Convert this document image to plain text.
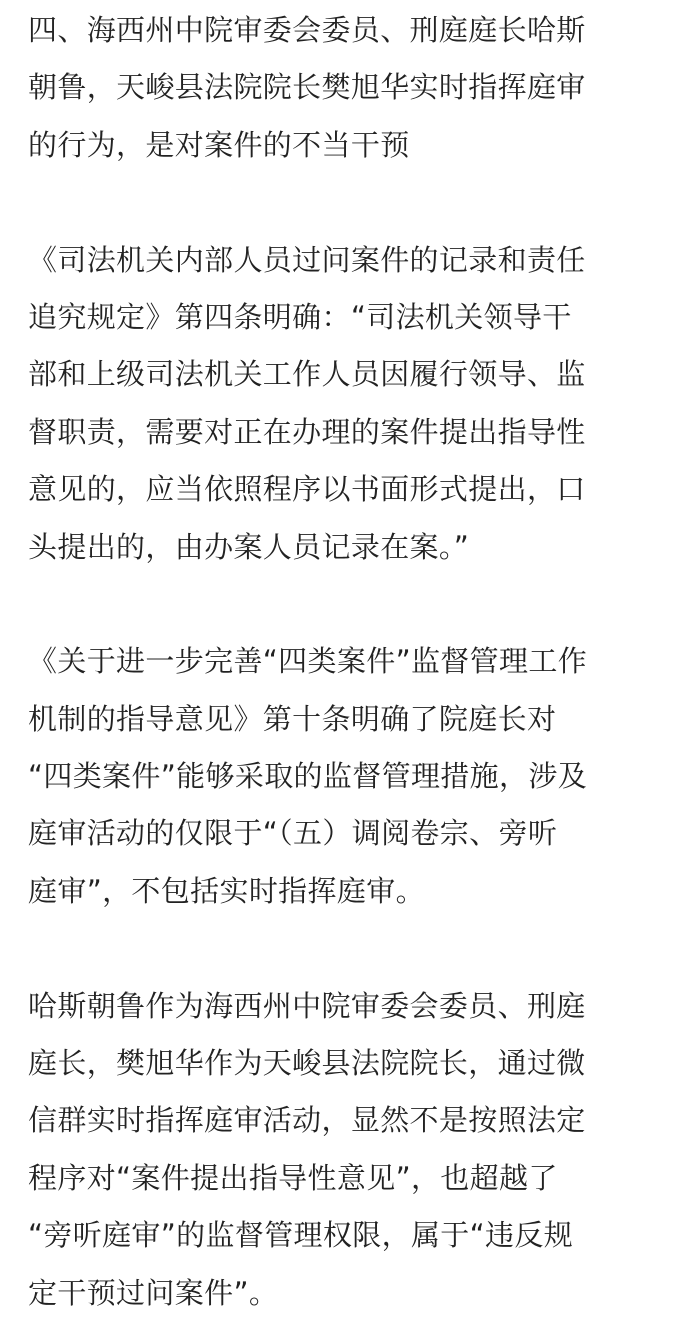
四、海西州中院审委会委员、刑庭庭长哈斯
朝鲁，天峻县法院院长樊旭华实时指挥庭审
的行为，是对案件的不当干预
《司法机关内部人员过问案件的记录和责任
追究规定》第四条明确：“司法机关领导干
部和上级司法机关工作人员因履行领导、监
督职责，需要对正在办理的案件提出指导性
意见的，应当依照程序以书面形式提出，口
头提出的，由办案人员记录在案。”
《关于进一步完善“四类案件”监督管理工作
机制的指导意见》第十条明确了院庭长对
“四类案件”能够采取的监督管理措施，涉及
庭审活动的仅限于“（五）调阅卷宗、旁听
庭审”，不包括实时指挥庭审。
哈斯朝鲁作为海西州中院审委会委员、刑庭
庭长，樊旭华作为天峻县法院院长，通过微
信群实时指挥庭审活动，显然不是按照法定
程序对“案件提出指导性意见”，也超越了
“旁听庭审”的监督管理权限，属于“违反规
定干预过问案件”。
